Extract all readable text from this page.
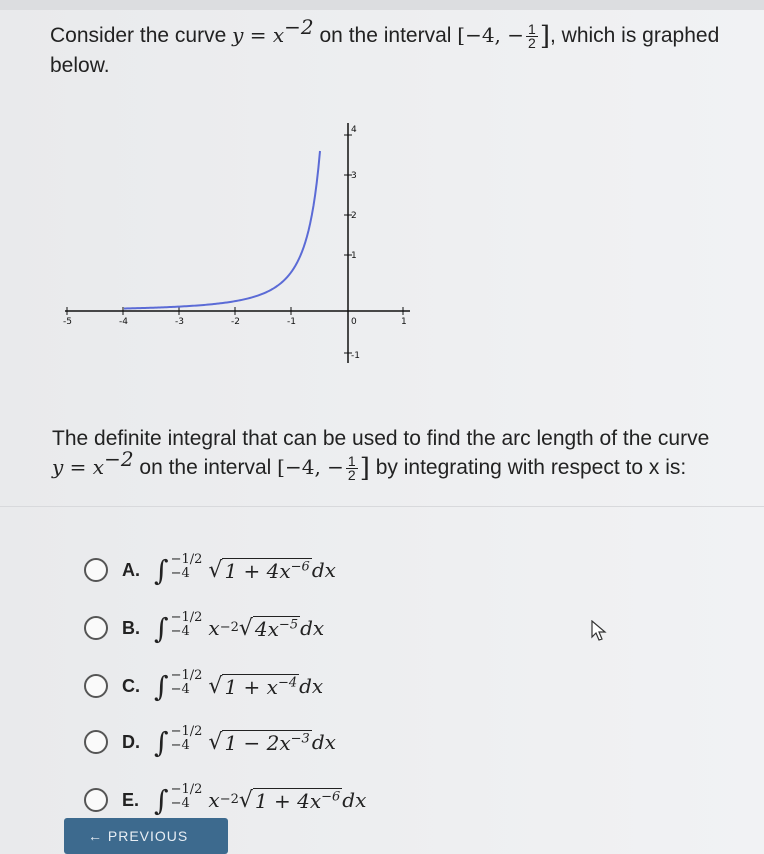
Consider the curve $y = x^{-2}$ on the interval [−4, − $\frac{1}{2}$ ], which is graphed below.
-5	-4	-3	-2	-1	0	1
4
3
2
1
-1
The definite integral that can be used to find the arc length of the curve
$y = x^{-2}$ on the interval [−4, − $\frac{1}{2}$ ] by integrating with respect to x is:
A. ∫ −1/2
−4 √ $1 + 4x^{-6}$ dx
B. ∫ −1/2
−4 x −2 √ $4x^{-5}$ dx
C. ∫ −1/2
−4 √ $1 + x^{-4}$ dx
D. ∫ −1/2
−4 √ $1 - 2x^{-3}$ dx
E. ∫ −1/2
−4 x −2 √ $1 + 4x^{-6}$ dx
← PREVIOUS
